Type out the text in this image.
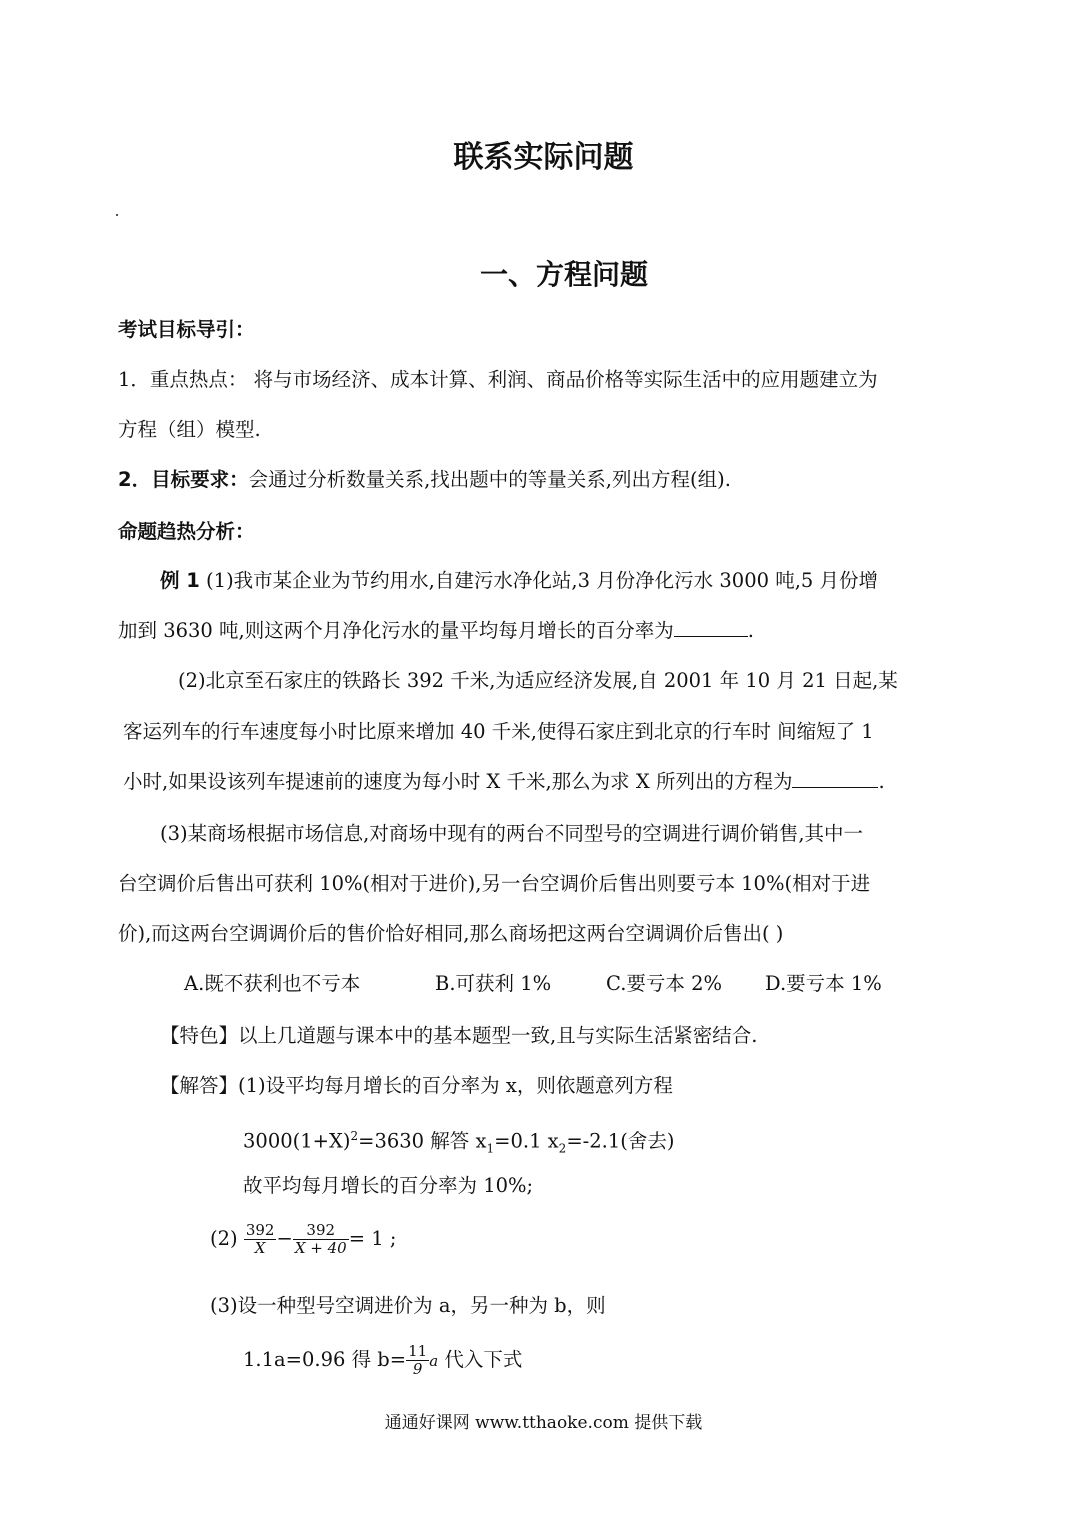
联系实际问题
一、方程问题
考试目标导引：
1．重点热点： 将与市场经济、成本计算、利润、商品价格等实际生活中的应用题建立为
方程（组）模型.
2．目标要求：会通过分析数量关系,找出题中的等量关系,列出方程(组).
命题趋热分析：
例 1 (1)我市某企业为节约用水,自建污水净化站,3 月份净化污水 3000 吨,5 月份增
加到 3630 吨,则这两个月净化污水的量平均每月增长的百分率为	.
(2)北京至石家庄的铁路长 392 千米,为适应经济发展,自 2001 年 10 月 21 日起,某
客运列车的行车速度每小时比原来增加 40 千米,使得石家庄到北京的行车时 间缩短了 1
小时,如果设该列车提速前的速度为每小时 X 千米,那么为求 X 所列出的方程为	.
(3)某商场根据市场信息,对商场中现有的两台不同型号的空调进行调价销售,其中一
台空调价后售出可获利 10%(相对于进价),另一台空调价后售出则要亏本 10%(相对于进
价),而这两台空调调价后的售价恰好相同,那么商场把这两台空调调价后售出( )
A.既不获利也不亏本	B.可获利 1%	C.要亏本 2% D.要亏本 1%
【特色】以上几道题与课本中的基本题型一致,且与实际生活紧密结合.
【解答】(1)设平均每月增长的百分率为 x，则依题意列方程
$3000(1+X)^2=3630$ 解答 $x_1=0.1$ $x_2=-2.1$(舍去)
故平均每月增长的百分率为 10%;
$(2) \frac{392}{X} - \frac{392}{X + 40} = 1$ ;
(3)设一种型号空调进价为 a，另一种为 b，则
1.1a=0.96 得 $b= \frac{11}{9}$ a 代入下式
通通好课网 www.tthaoke.com 提供下载
